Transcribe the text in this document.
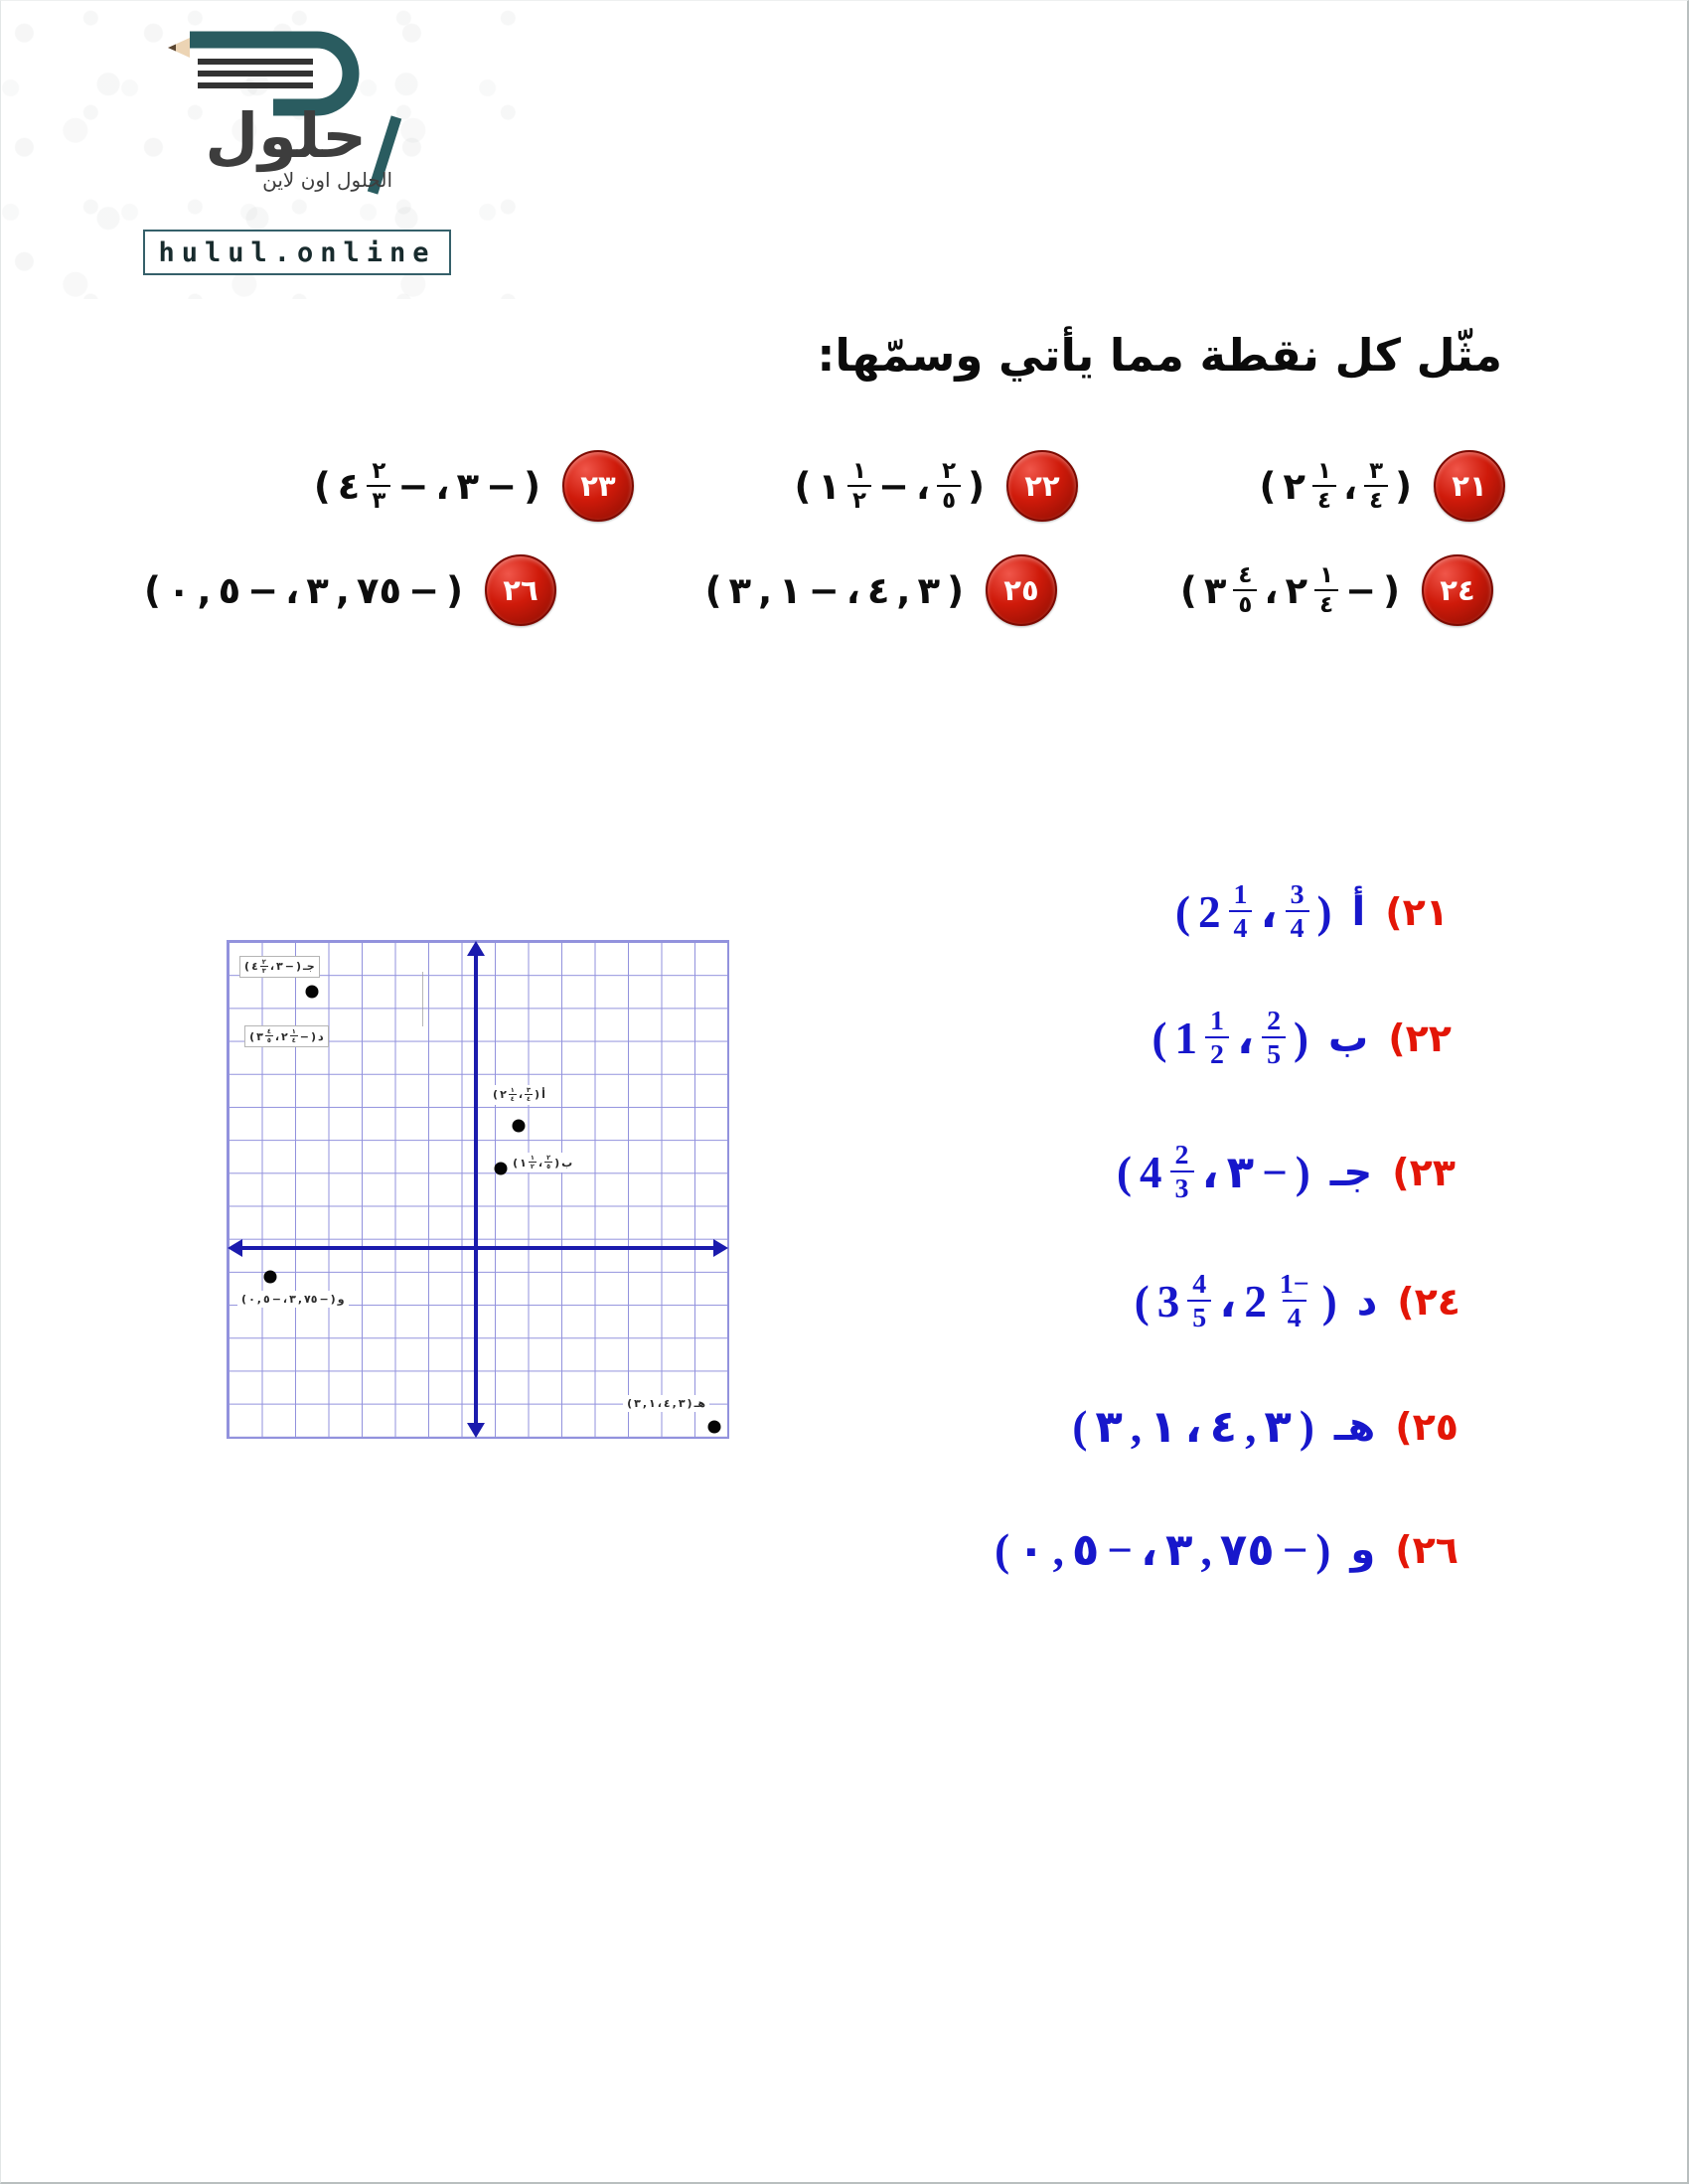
حلول
الحلول اون لاين
hulul.online
مثّل كل نقطة مما يأتي وسمّها:
( ٢ $\frac{١}{٤}$ ، $\frac{٣}{٤}$ )	٢١
( ١ $\frac{١}{٢}$ − ، $\frac{٢}{٥}$ )	٢٢
( ٤ $\frac{٢}{٣}$ − ، ٣ − )	٢٣
( ٣ $\frac{٤}{٥}$ ، ٢ $\frac{١}{٤}$ − )	٢٤
( ٣ , ١ − ، ٤ , ٣ )	٢٥
( ٠ , ٥ − ، ٣ , ٧٥ − )	٢٦
( ٤ $\frac{٢}{٣}$ ، ٣ − ) جـ
( ٣ $\frac{٤}{٥}$ ، ٢ $\frac{١}{٤}$ − ) د
( ٢ $\frac{١}{٤}$ ، $\frac{٣}{٤}$ ) أ
( ١ $\frac{١}{٢}$ ، $\frac{٢}{٥}$ ) ب
( ٠ , ٥ − ، ٣ , ٧٥ − ) و
( ٣ , ١ ، ٤ , ٣ ) هـ
( $2 \frac{1}{4}$ ، $\frac{3}{4}$ ) أ (٢١
( $1 \frac{1}{2}$ ، $\frac{2}{5}$ ) ب (٢٢
( $4 \frac{2}{3}$ ، ٣ − ) جـ (٢٣
( $3 \frac{4}{5}$ ، $2 \frac{1-}{4}$ ) د (٢٤
( ٣ , ١ ، ٤ , ٣ ) هـ (٢٥
( ٠ , ٥ − ، ٣ , ٧٥ − ) و (٢٦
